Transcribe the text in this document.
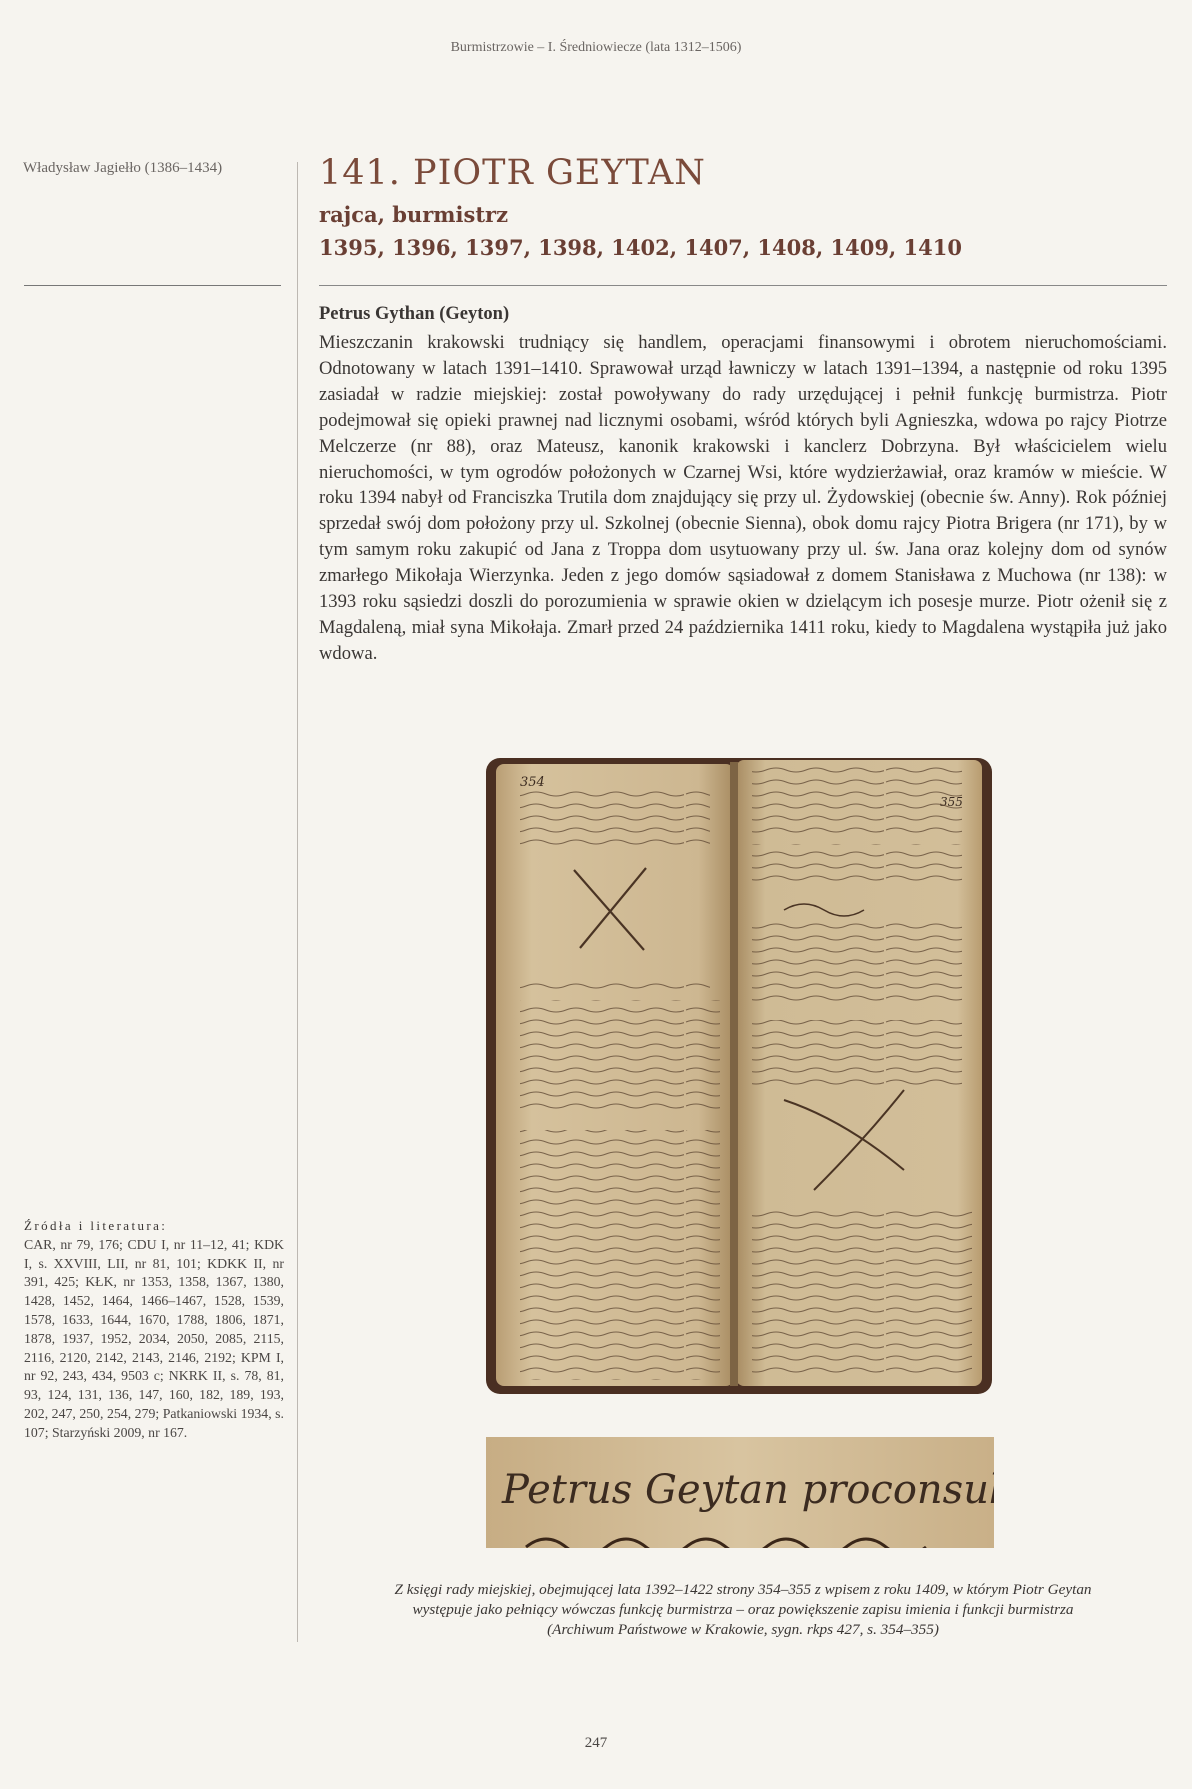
Burmistrzowie – I. Średniowiecze (lata 1312–1506)
Władysław Jagiełło (1386–1434)
Źródła i literatura:
CAR, nr 79, 176; CDU I, nr 11–12, 41; KDK I, s. XXVIII, LII, nr 81, 101; KDKK II, nr 391, 425; KŁK, nr 1353, 1358, 1367, 1380, 1428, 1452, 1464, 1466–1467, 1528, 1539, 1578, 1633, 1644, 1670, 1788, 1806, 1871, 1878, 1937, 1952, 2034, 2050, 2085, 2115, 2116, 2120, 2142, 2143, 2146, 2192; KPM I, nr 92, 243, 434, 9503 c; NKRK II, s. 78, 81, 93, 124, 131, 136, 147, 160, 182, 189, 193, 202, 247, 250, 254, 279; Patkaniowski 1934, s. 107; Starzyński 2009, nr 167.
141. PIOTR GEYTAN
rajca, burmistrz
1395, 1396, 1397, 1398, 1402, 1407, 1408, 1409, 1410
Petrus Gythan (Geyton)

Mieszczanin krakowski trudniący się handlem, operacjami finansowymi i obrotem nieruchomościami. Odnotowany w latach 1391–1410. Sprawował urząd ławniczy w latach 1391–1394, a następnie od roku 1395 zasiadał w radzie miejskiej: został powoływany do rady urzędującej i pełnił funkcję burmistrza. Piotr podejmował się opieki prawnej nad licznymi osobami, wśród których byli Agnieszka, wdowa po rajcy Piotrze Melczerze (nr 88), oraz Mateusz, kanonik krakowski i kanclerz Dobrzyna. Był właścicielem wielu nieruchomości, w tym ogrodów położonych w Czarnej Wsi, które wydzierżawiał, oraz kramów w mieście. W roku 1394 nabył od Franciszka Trutila dom znajdujący się przy ul. Żydowskiej (obecnie św. Anny). Rok później sprzedał swój dom położony przy ul. Szkolnej (obecnie Sienna), obok domu rajcy Piotra Brigera (nr 171), by w tym samym roku zakupić od Jana z Troppa dom usytuowany przy ul. św. Jana oraz kolejny dom od synów zmarłego Mikołaja Wierzynka. Jeden z jego domów sąsiadował z domem Stanisława z Muchowa (nr 138): w 1393 roku sąsiedzi doszli do porozumienia w sprawie okien w dzielącym ich posesje murze. Piotr ożenił się z Magdaleną, miał syna Mikołaja. Zmarł przed 24 października 1411 roku, kiedy to Magdalena wystąpiła już jako wdowa.

354
Petrus Geytan proconsul
Z księgi rady miejskiej, obejmującej lata 1392–1422 strony 354–355 z wpisem z roku 1409, w którym Piotr Geytan
występuje jako pełniący wówczas funkcję burmistrza – oraz powiększenie zapisu imienia i funkcji burmistrza
(Archiwum Państwowe w Krakowie, sygn. rkps 427, s. 354–355)
247
